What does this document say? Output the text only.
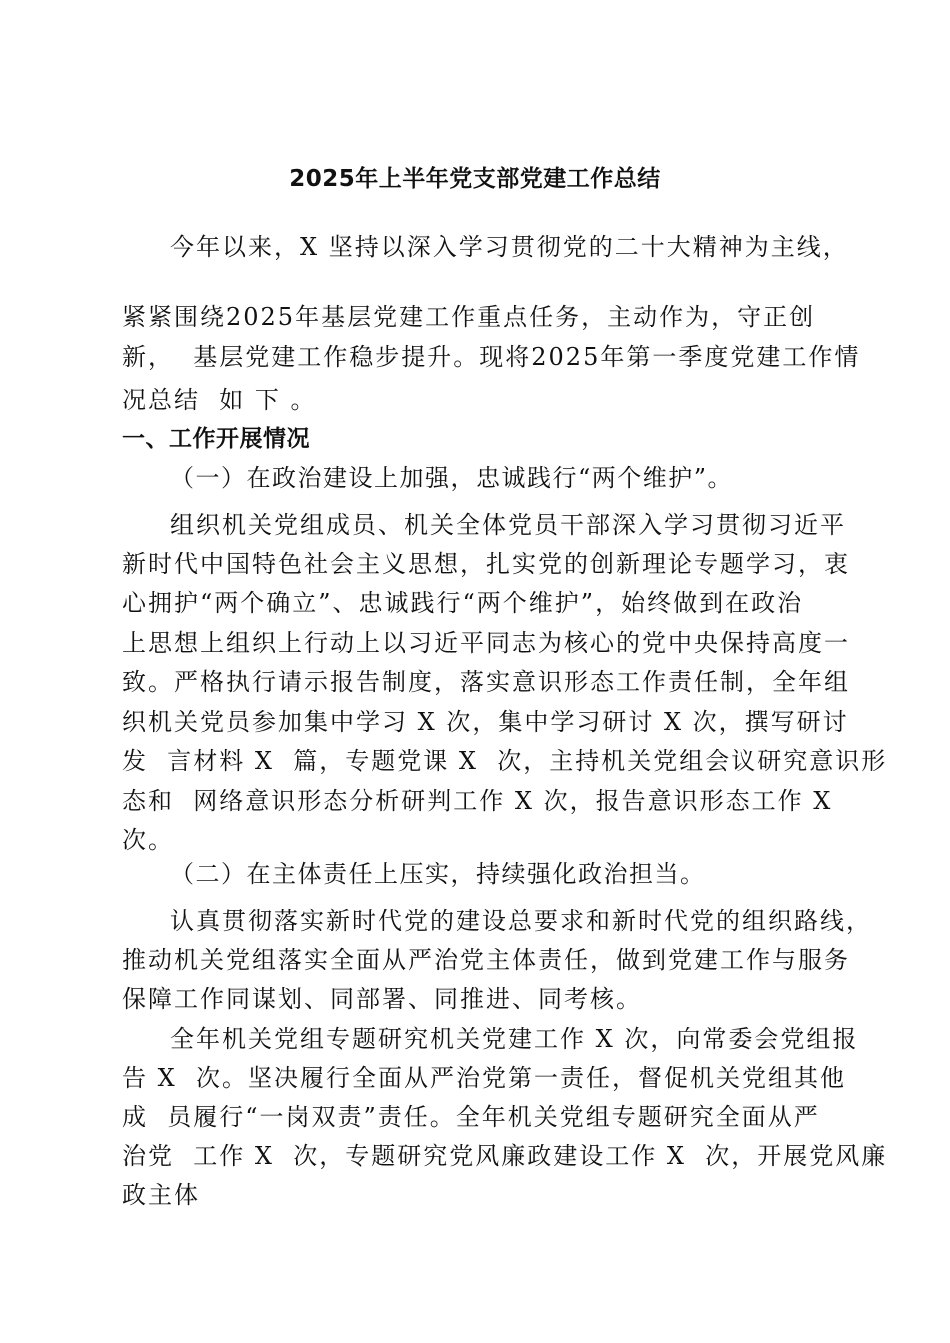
2025年上半年党支部党建工作总结

今年以来，X 坚持以深入学习贯彻党的二十大精神为主线，

紧紧围绕2025年基层党建工作重点任务，主动作为，守正创

新，  基层党建工作稳步提升。现将2025年第一季度党建工作情

况总结  如 下 。

一、工作开展情况

（一）在政治建设上加强，忠诚践行“两个维护”。

组织机关党组成员、机关全体党员干部深入学习贯彻习近平

新时代中国特色社会主义思想，扎实党的创新理论专题学习，衷

心拥护“两个确立”、忠诚践行“两个维护”，始终做到在政治

上思想上组织上行动上以习近平同志为核心的党中央保持高度一

致。严格执行请示报告制度，落实意识形态工作责任制，全年组

织机关党员参加集中学习 X 次，集中学习研讨 X 次，撰写研讨

发  言材料 X  篇，专题党课 X  次，主持机关党组会议研究意识形

态和  网络意识形态分析研判工作 X 次，报告意识形态工作 X

次。

（二）在主体责任上压实，持续强化政治担当。

认真贯彻落实新时代党的建设总要求和新时代党的组织路线，

推动机关党组落实全面从严治党主体责任，做到党建工作与服务

保障工作同谋划、同部署、同推进、同考核。

全年机关党组专题研究机关党建工作 X 次，向常委会党组报

告 X  次。坚决履行全面从严治党第一责任，督促机关党组其他

成  员履行“一岗双责”责任。全年机关党组专题研究全面从严

治党  工作 X  次，专题研究党风廉政建设工作 X  次，开展党风廉

政主体
